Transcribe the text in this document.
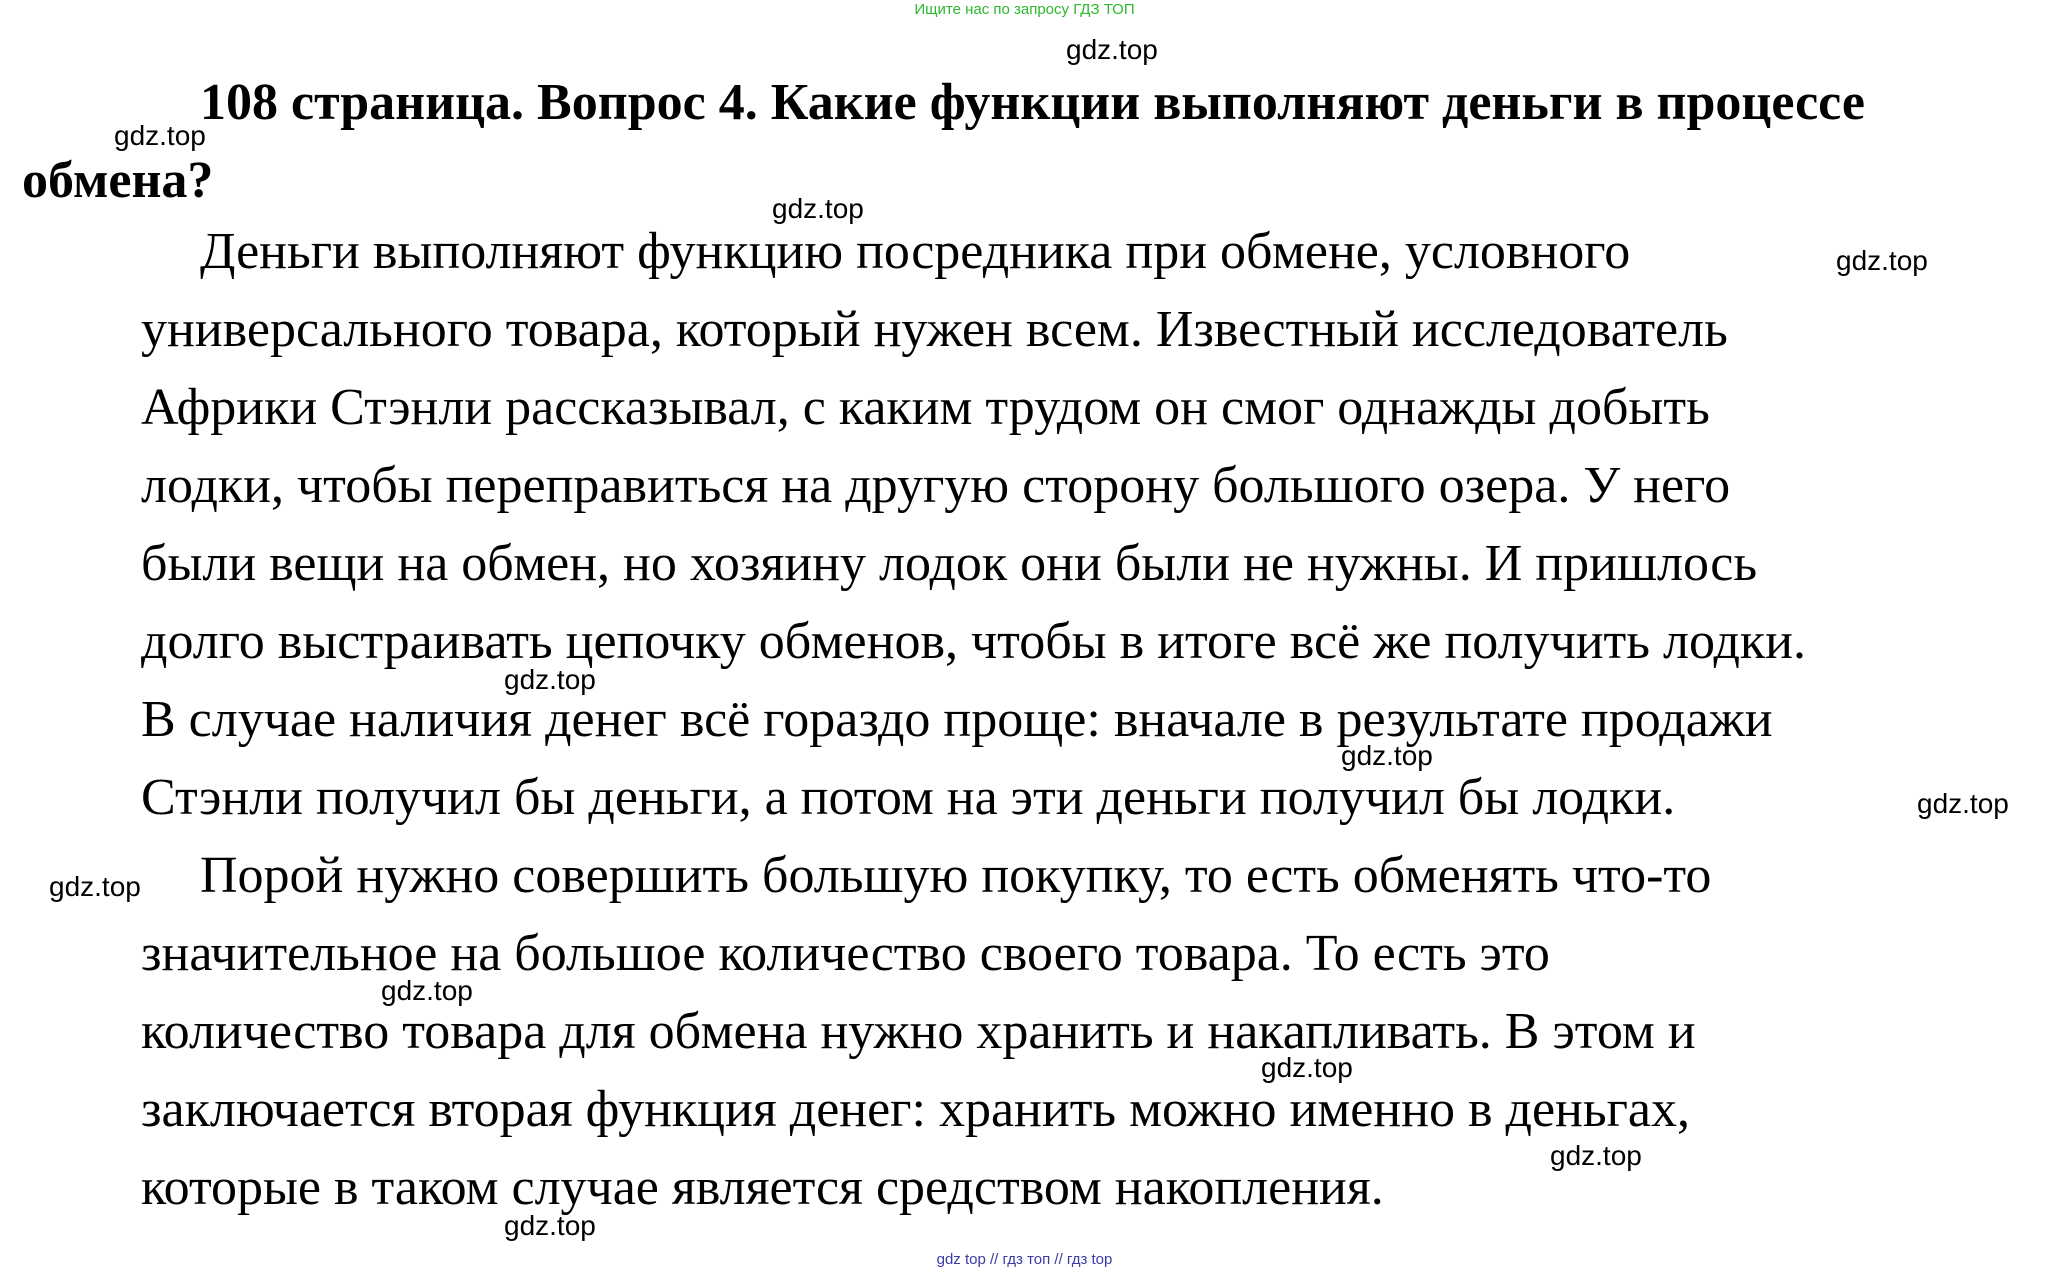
Ищите нас по запросу ГДЗ ТОП
108 страница. Вопрос 4. Какие функции выполняют деньги в процессе обмена?
Деньги выполняют функцию посредника при обмене, условного
универсального товара, который нужен всем. Известный исследователь
Африки Стэнли рассказывал, с каким трудом он смог однажды добыть
лодки, чтобы переправиться на другую сторону большого озера. У него
были вещи на обмен, но хозяину лодок они были не нужны. И пришлось
долго выстраивать цепочку обменов, чтобы в итоге всё же получить лодки.
В случае наличия денег всё гораздо проще: вначале в результате продажи
Стэнли получил бы деньги, а потом на эти деньги получил бы лодки.
Порой нужно совершить большую покупку, то есть обменять что-то
значительное на большое количество своего товара. То есть это
количество товара для обмена нужно хранить и накапливать. В этом и
заключается вторая функция денег: хранить можно именно в деньгах,
которые в таком случае является средством накопления.
gdz.top
gdz.top
gdz.top
gdz.top
gdz.top
gdz.top
gdz.top
gdz.top
gdz.top
gdz.top
gdz.top
gdz.top
gdz top // гдз топ // гдз top
